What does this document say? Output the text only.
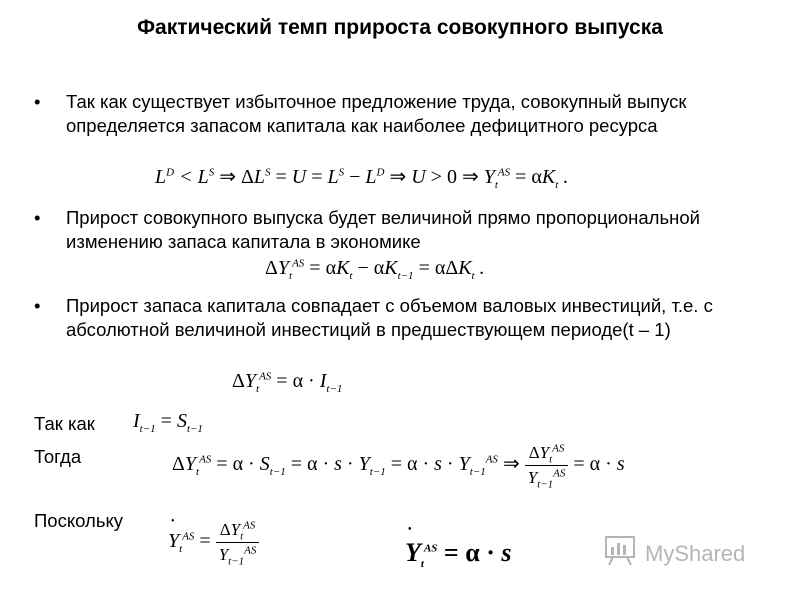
Фактический темп прироста совокупного выпуска
• Так как существует избыточное предложение труда, совокупный выпуск определяется запасом капитала как наиболее дефицитного ресурса
$L^D < L^S$ ⇒ $\Delta L^S = U = L^S - L^D$ ⇒ U > 0 ⇒ $Y_t^{AS} = \alpha K_t$ .
• Прирост совокупного выпуска будет величиной прямо пропорциональной изменению запаса капитала в экономике
$\Delta Y_t^{AS} = \alpha K_t - \alpha K_{t-1} = \alpha\Delta K_t$ .
• Прирост запаса капитала совпадает с объемом валовых инвестиций, т.е. с абсолютной величиной инвестиций в предшествующем периоде(t – 1)
$\Delta Y_t^{AS} = \alpha \cdot I_{t-1}$
Так как $I_{t-1} = S_{t-1}$
Тогда	$\Delta Y_t^{AS} = \alpha \cdot S_{t-1} = \alpha \cdot s \cdot Y_{t-1} = \alpha \cdot s \cdot Y_{t-1}^{AS}$ ⇒ $\frac{\Delta Y_t^{AS}}{Y_{t-1}^{AS}} = \alpha \cdot s$
Поскольку
Y $•_t^{AS} = \frac{\Delta Y_t^{AS}}{Y_{t-1}^{AS}}$	Y $•_t^{AS} = \alpha \cdot s$	MyShared
